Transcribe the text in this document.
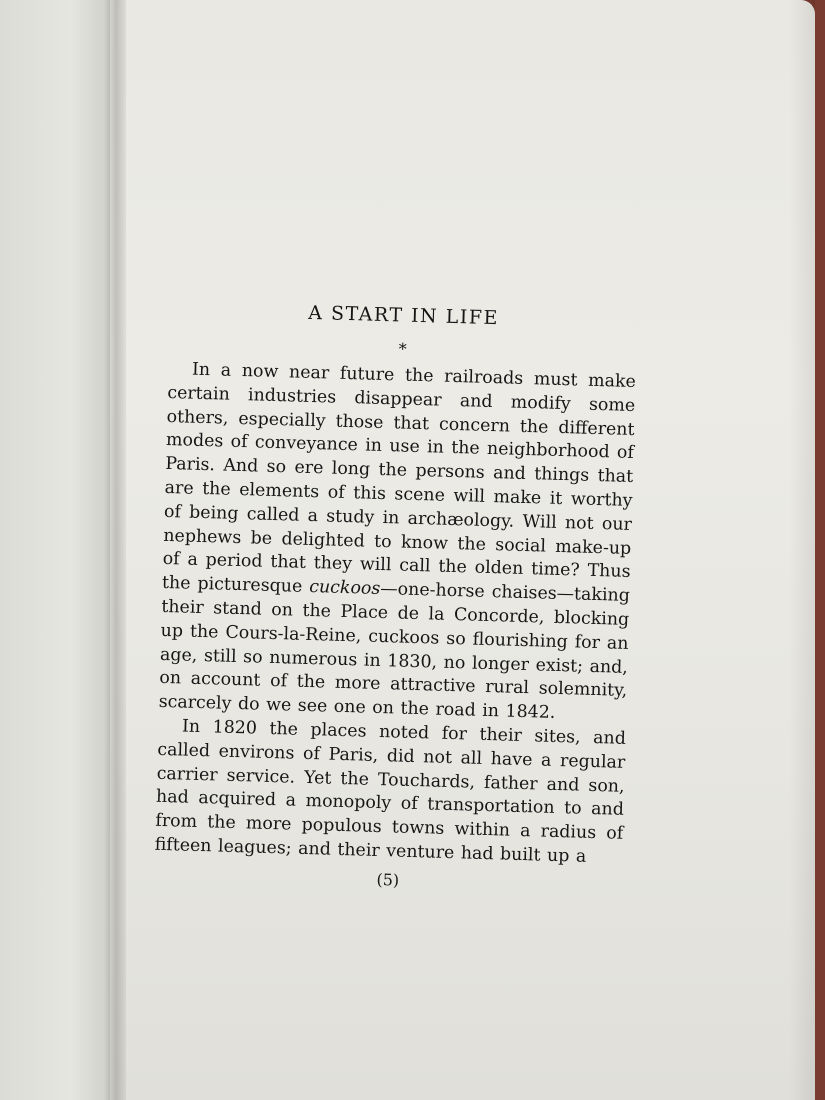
A START IN LIFE
*

In a now near future the railroads must make certain industries disappear and modify some others, especially those that concern the different modes of conveyance in use in the neighborhood of Paris. And so ere long the persons and things that are the elements of this scene will make it worthy of being called a study in archæology. Will not our nephews be delighted to know the social make-up of a period that they will call the olden time? Thus the picturesque cuckoos—one-horse chaises—taking their stand on the Place de la Concorde, blocking up the Cours-la-Reine, cuckoos so flourishing for an age, still so numerous in 1830, no longer exist; and, on account of the more attractive rural solemnity, scarcely do we see one on the road in 1842.

In 1820 the places noted for their sites, and called environs of Paris, did not all have a regular carrier service. Yet the Touchards, father and son, had acquired a monopoly of transportation to and from the more populous towns within a radius of fifteen leagues; and their venture had built up a

(5)
